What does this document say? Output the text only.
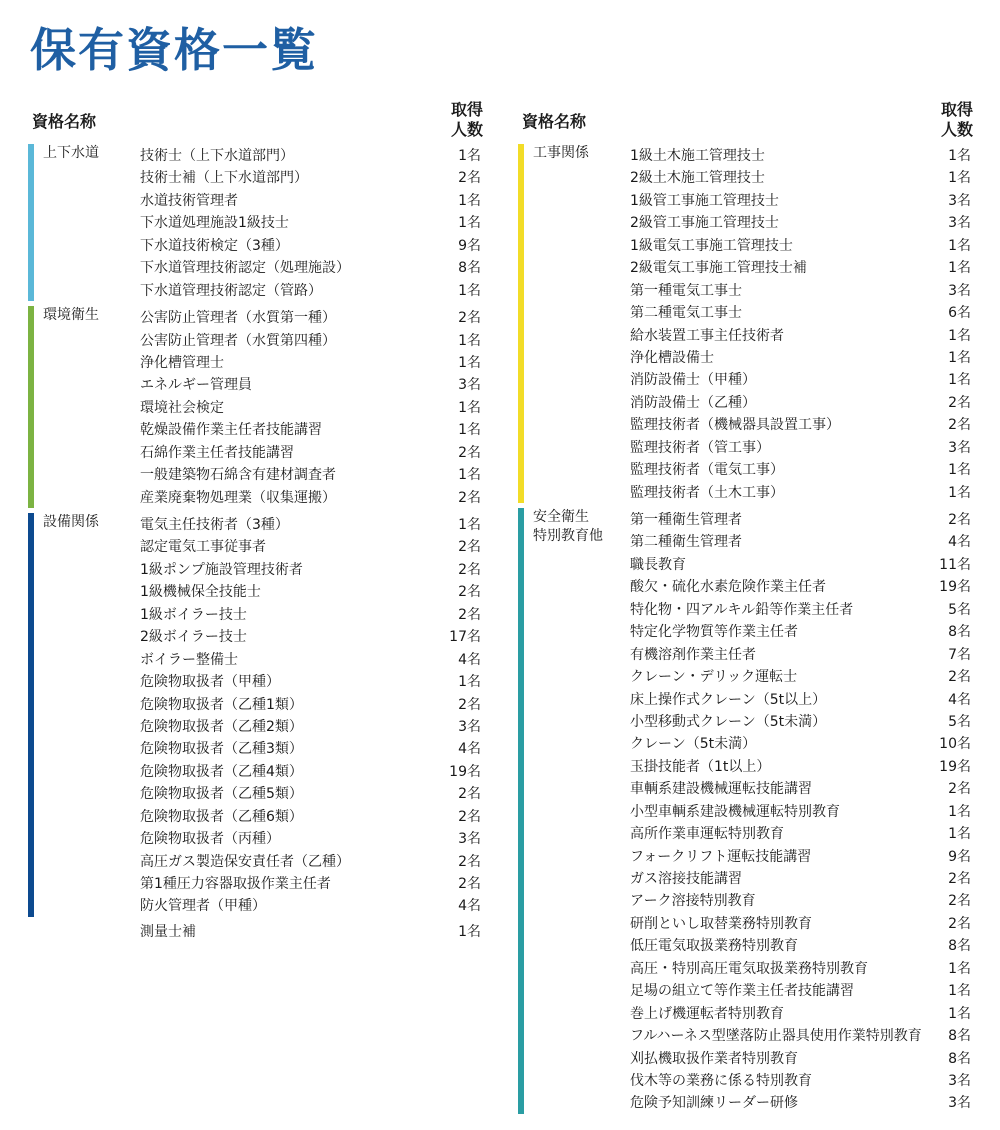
保有資格一覧
資格名称
取得
人数
上下水道	技術士（上下水道部門）	1名
技術士補（上下水道部門）	2名
水道技術管理者	1名
下水道処理施設1級技士	1名
下水道技術検定（3種）	9名
下水道管理技術認定（処理施設）	8名
下水道管理技術認定（管路）	1名
環境衛生	公害防止管理者（水質第一種）	2名
公害防止管理者（水質第四種）	1名
浄化槽管理士	1名
エネルギー管理員	3名
環境社会検定	1名
乾燥設備作業主任者技能講習	1名
石綿作業主任者技能講習	2名
一般建築物石綿含有建材調査者	1名
産業廃棄物処理業（収集運搬）	2名
設備関係	電気主任技術者（3種）	1名
認定電気工事従事者	2名
1級ポンプ施設管理技術者	2名
1級機械保全技能士	2名
1級ボイラー技士	2名
2級ボイラー技士	17名
ボイラー整備士	4名
危険物取扱者（甲種）	1名
危険物取扱者（乙種1類）	2名
危険物取扱者（乙種2類）	3名
危険物取扱者（乙種3類）	4名
危険物取扱者（乙種4類）	19名
危険物取扱者（乙種5類）	2名
危険物取扱者（乙種6類）	2名
危険物取扱者（丙種）	3名
高圧ガス製造保安責任者（乙種）	2名
第1種圧力容器取扱作業主任者	2名
防火管理者（甲種）	4名
測量士補	1名
資格名称
取得
人数
工事関係	1級土木施工管理技士	1名
2級土木施工管理技士	1名
1級管工事施工管理技士	3名
2級管工事施工管理技士	3名
1級電気工事施工管理技士	1名
2級電気工事施工管理技士補	1名
第一種電気工事士	3名
第二種電気工事士	6名
給水装置工事主任技術者	1名
浄化槽設備士	1名
消防設備士（甲種）	1名
消防設備士（乙種）	2名
監理技術者（機械器具設置工事）	2名
監理技術者（管工事）	3名
監理技術者（電気工事）	1名
監理技術者（土木工事）	1名
安全衛生
特別教育他
第一種衛生管理者	2名
第二種衛生管理者	4名
職長教育	11名
酸欠・硫化水素危険作業主任者	19名
特化物・四アルキル鉛等作業主任者	5名
特定化学物質等作業主任者	8名
有機溶剤作業主任者	7名
クレーン・デリック運転士	2名
床上操作式クレーン（5t以上）	4名
小型移動式クレーン（5t未満）	5名
クレーン（5t未満）	10名
玉掛技能者（1t以上）	19名
車輌系建設機械運転技能講習	2名
小型車輌系建設機械運転特別教育	1名
高所作業車運転特別教育	1名
フォークリフト運転技能講習	9名
ガス溶接技能講習	2名
アーク溶接特別教育	2名
研削といし取替業務特別教育	2名
低圧電気取扱業務特別教育	8名
高圧・特別高圧電気取扱業務特別教育	1名
足場の組立て等作業主任者技能講習	1名
巻上げ機運転者特別教育	1名
フルハーネス型墜落防止器具使用作業特別教育 8名
刈払機取扱作業者特別教育	8名
伐木等の業務に係る特別教育	3名
危険予知訓練リーダー研修	3名
